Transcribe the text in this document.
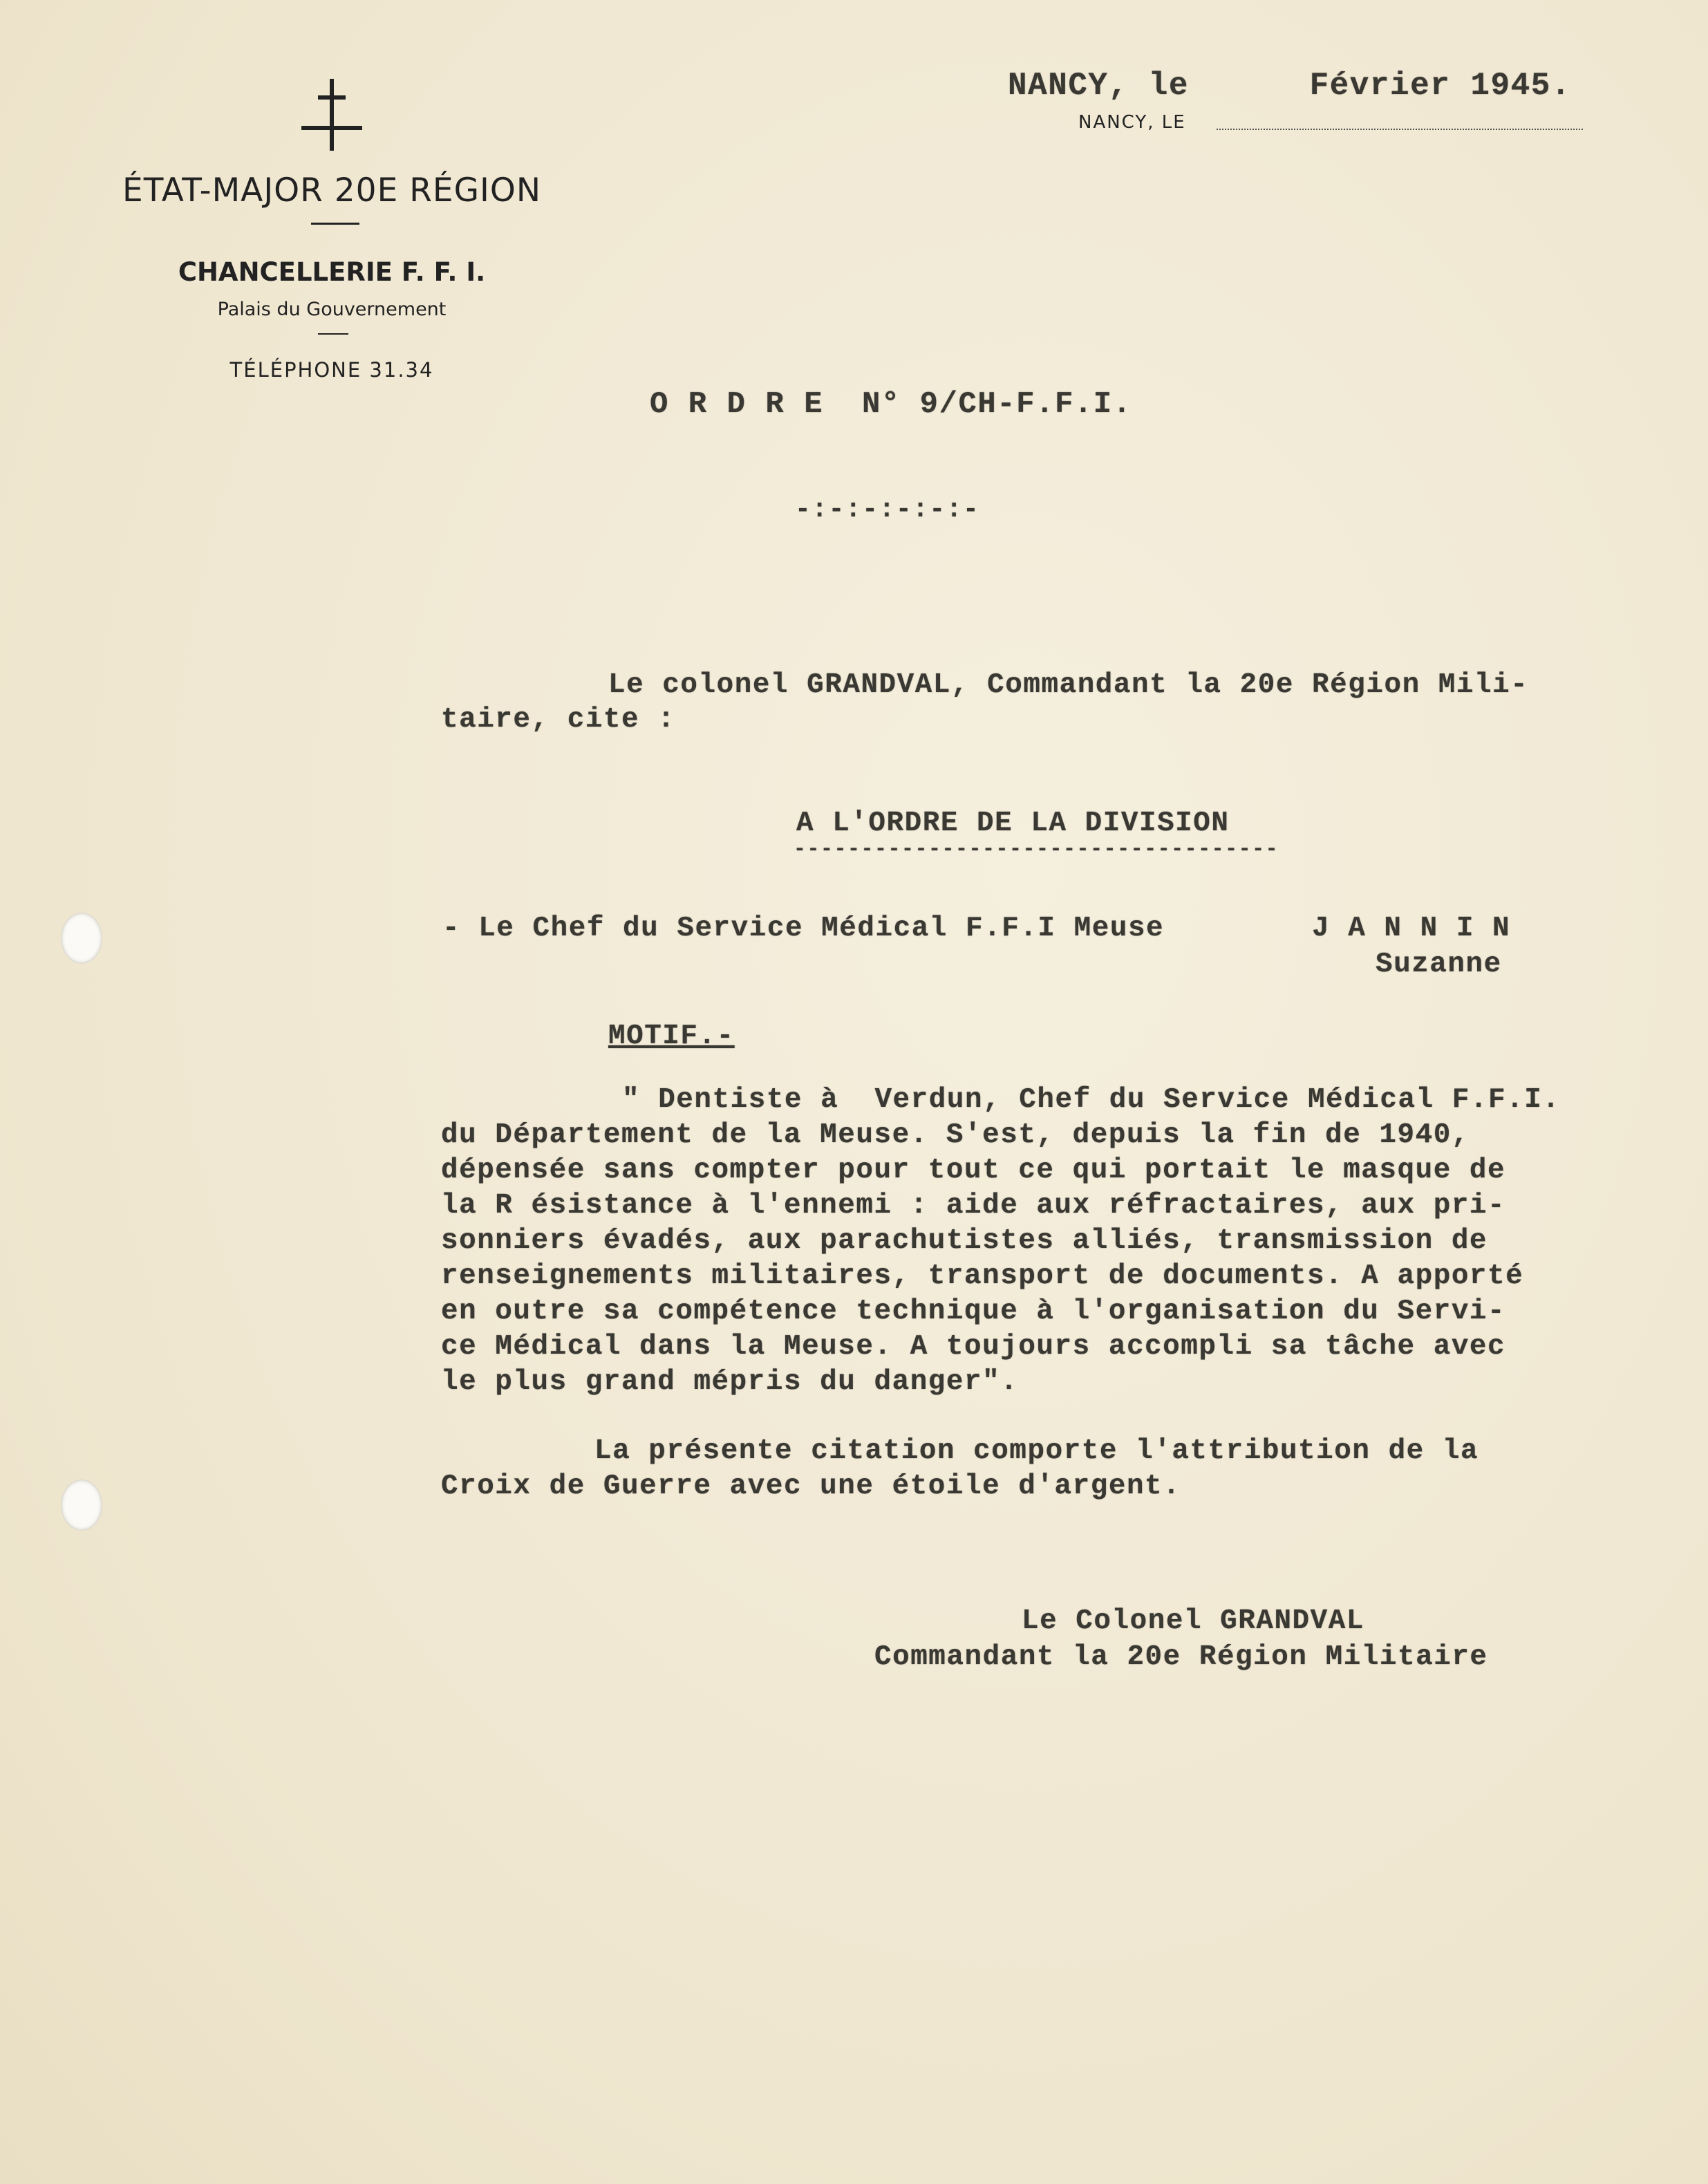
ÉTAT-MAJOR 20E RÉGION
CHANCELLERIE F. F. I.
Palais du Gouvernement
TÉLÉPHONE 31.34
NANCY, le      Février 1945.
NANCY, LE
O R D R E  N° 9/CH-F.F.I.
-:-:-:-:-:-
Le colonel GRANDVAL, Commandant la 20e Région Mili-
taire, cite :
A L'ORDRE DE LA DIVISION
------------------------------------
- Le Chef du Service Médical F.F.I Meuse	J A N N I N
Suzanne
MOTIF.-
" Dentiste à  Verdun, Chef du Service Médical F.F.I.
du Département de la Meuse. S'est, depuis la fin de 1940,
dépensée sans compter pour tout ce qui portait le masque de
la R ésistance à l'ennemi : aide aux réfractaires, aux pri-
sonniers évadés, aux parachutistes alliés, transmission de
renseignements militaires, transport de documents. A apporté
en outre sa compétence technique à l'organisation du Servi-
ce Médical dans la Meuse. A toujours accompli sa tâche avec
le plus grand mépris du danger".
La présente citation comporte l'attribution de la
Croix de Guerre avec une étoile d'argent.
Le Colonel GRANDVAL
Commandant la 20e Région Militaire
